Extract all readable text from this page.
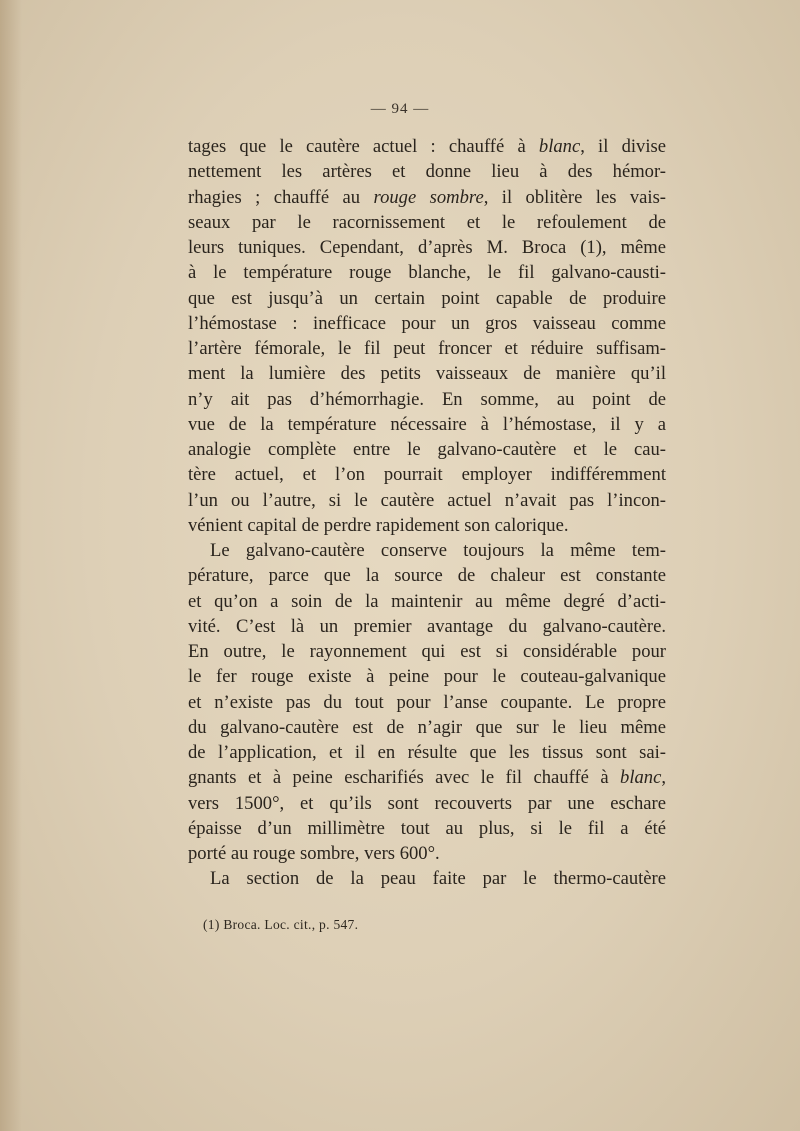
— 94 —

tages que le cautère actuel : chauffé à blanc, il divise
nettement les artères et donne lieu à des hémor-
rhagies ; chauffé au rouge sombre, il oblitère les vais-
seaux par le racornissement et le refoulement de
leurs tuniques. Cependant, d’après M. Broca (1), même
à le température rouge blanche, le fil galvano-causti-
que est jusqu’à un certain point capable de produire
l’hémostase : inefficace pour un gros vaisseau comme
l’artère fémorale, le fil peut froncer et réduire suffisam-
ment la lumière des petits vaisseaux de manière qu’il
n’y ait pas d’hémorrhagie. En somme, au point de
vue de la température nécessaire à l’hémostase, il y a
analogie complète entre le galvano-cautère et le cau-
tère actuel, et l’on pourrait employer indifféremment
l’un ou l’autre, si le cautère actuel n’avait pas l’incon-
vénient capital de perdre rapidement son calorique.
Le galvano-cautère conserve toujours la même tem-
pérature, parce que la source de chaleur est constante
et qu’on a soin de la maintenir au même degré d’acti-
vité. C’est là un premier avantage du galvano-cautère.
En outre, le rayonnement qui est si considérable pour
le fer rouge existe à peine pour le couteau-galvanique
et n’existe pas du tout pour l’anse coupante. Le propre
du galvano-cautère est de n’agir que sur le lieu même
de l’application, et il en résulte que les tissus sont sai-
gnants et à peine escharifiés avec le fil chauffé à blanc,
vers 1500°, et qu’ils sont recouverts par une eschare
épaisse d’un millimètre tout au plus, si le fil a été
porté au rouge sombre, vers 600°.
La section de la peau faite par le thermo-cautère

(1) Broca. Loc. cit., p. 547.
